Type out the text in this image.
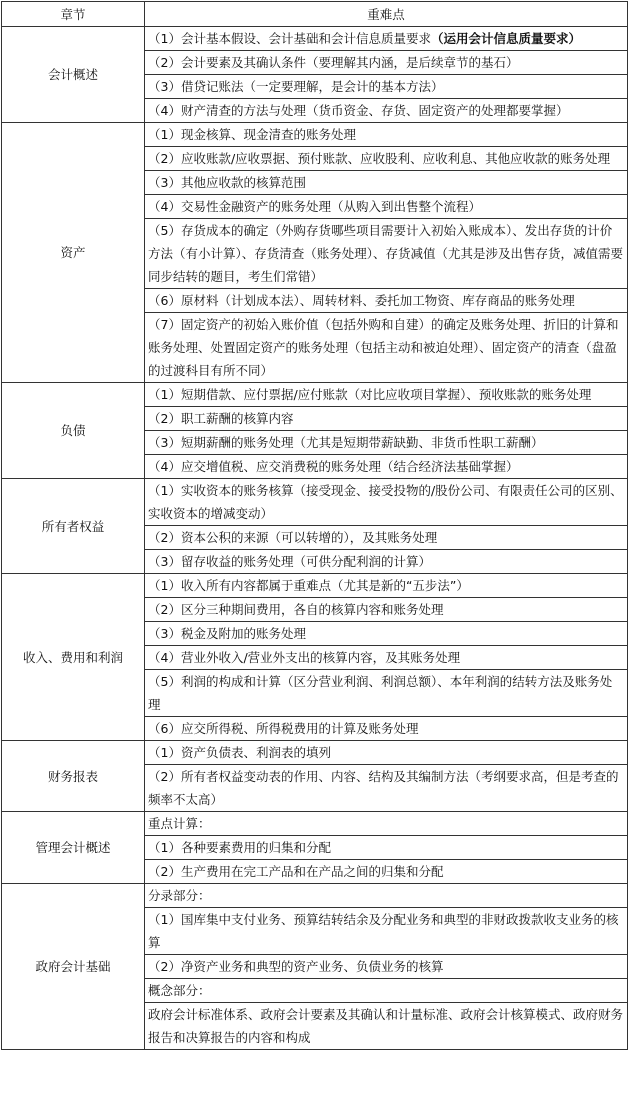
章节	重难点
会计概述	（1）会计基本假设、会计基础和会计信息质量要求（运用会计信息质量要求）
	（2）会计要素及其确认条件（要理解其内涵，是后续章节的基石）
	（3）借贷记账法（一定要理解，是会计的基本方法）
	（4）财产清查的方法与处理（货币资金、存货、固定资产的处理都要掌握）
资产	（1）现金核算、现金清查的账务处理
	（2）应收账款/应收票据、预付账款、应收股利、应收利息、其他应收款的账务处理
	（3）其他应收款的核算范围
	（4）交易性金融资产的账务处理（从购入到出售整个流程）
	（5）存货成本的确定（外购存货哪些项目需要计入初始入账成本）、发出存货的计价方法（有小计算）、存货清查（账务处理）、存货减值（尤其是涉及出售存货，减值需要同步结转的题目，考生们常错）
	（6）原材料（计划成本法）、周转材料、委托加工物资、库存商品的账务处理
	（7）固定资产的初始入账价值（包括外购和自建）的确定及账务处理、折旧的计算和账务处理、处置固定资产的账务处理（包括主动和被迫处理）、固定资产的清查（盘盈的过渡科目有所不同）
负债	（1）短期借款、应付票据/应付账款（对比应收项目掌握）、预收账款的账务处理
	（2）职工薪酬的核算内容
	（3）短期薪酬的账务处理（尤其是短期带薪缺勤、非货币性职工薪酬）
	（4）应交增值税、应交消费税的账务处理（结合经济法基础掌握）
所有者权益	（1）实收资本的账务核算（接受现金、接受投物的/股份公司、有限责任公司的区别、实收资本的增减变动）
	（2）资本公积的来源（可以转增的），及其账务处理
	（3）留存收益的账务处理（可供分配利润的计算）
收入、费用和利润	（1）收入所有内容都属于重难点（尤其是新的“五步法”）
	（2）区分三种期间费用，各自的核算内容和账务处理
	（3）税金及附加的账务处理
	（4）营业外收入/营业外支出的核算内容，及其账务处理
	（5）利润的构成和计算（区分营业利润、利润总额）、本年利润的结转方法及账务处理
	（6）应交所得税、所得税费用的计算及账务处理
财务报表	（1）资产负债表、利润表的填列
	（2）所有者权益变动表的作用、内容、结构及其编制方法（考纲要求高，但是考查的频率不太高）
管理会计概述	重点计算：
	（1）各种要素费用的归集和分配
	（2）生产费用在完工产品和在产品之间的归集和分配
政府会计基础	分录部分：
	（1）国库集中支付业务、预算结转结余及分配业务和典型的非财政拨款收支业务的核算
	（2）净资产业务和典型的资产业务、负债业务的核算
	概念部分：
	政府会计标准体系、政府会计要素及其确认和计量标准、政府会计核算模式、政府财务报告和决算报告的内容和构成
